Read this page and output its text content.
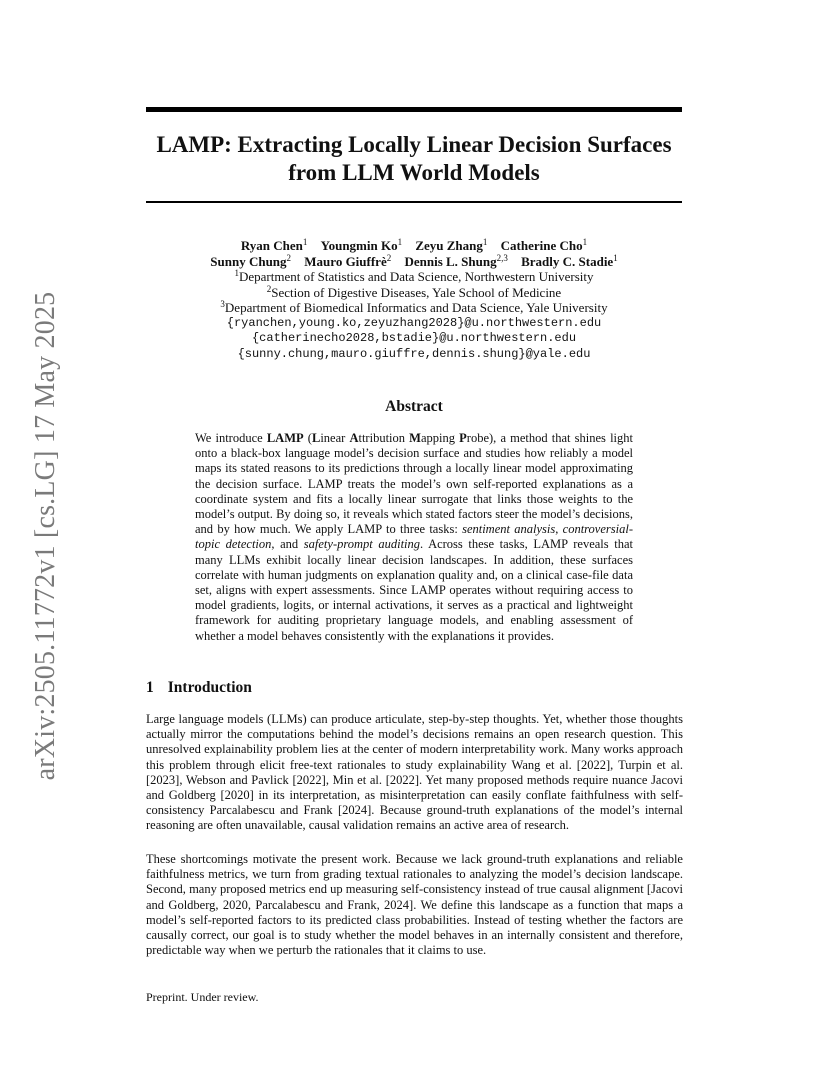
arXiv:2505.11772v1 [cs.LG] 17 May 2025
LAMP: Extracting Locally Linear Decision Surfaces
from LLM World Models
Ryan Chen$^1$ Youngmin Ko$^1$ Zeyu Zhang$^1$ Catherine Cho$^1$
Sunny Chung$^2$ Mauro Giuffrè$^2$ Dennis L. Shung$^{2,3}$ Bradly C. Stadie$^1$
$^1$Department of Statistics and Data Science, Northwestern University
$^2$Section of Digestive Diseases, Yale School of Medicine
$^3$Department of Biomedical Informatics and Data Science, Yale University
{ryanchen,young.ko,zeyuzhang2028}@u.northwestern.edu
{catherinecho2028,bstadie}@u.northwestern.edu
{sunny.chung,mauro.giuffre,dennis.shung}@yale.edu
Abstract
We introduce LAMP (Linear Attribution Mapping Probe), a method that shines light onto a black-box language model’s decision surface and studies how reliably a model maps its stated reasons to its predictions through a locally linear model approximating the decision surface. LAMP treats the model’s own self-reported explanations as a coordinate system and fits a locally linear surrogate that links those weights to the model’s output. By doing so, it reveals which stated factors steer the model’s decisions, and by how much. We apply LAMP to three tasks: sentiment analysis, controversial-topic detection, and safety-prompt auditing. Across these tasks, LAMP reveals that many LLMs exhibit locally linear decision landscapes. In addition, these surfaces correlate with human judgments on explanation quality and, on a clinical case-file data set, aligns with expert assessments. Since LAMP operates without requiring access to model gradients, logits, or internal activations, it serves as a practical and lightweight framework for auditing proprietary language models, and enabling assessment of whether a model behaves consistently with the explanations it provides.
1 Introduction
Large language models (LLMs) can produce articulate, step-by-step thoughts. Yet, whether those thoughts actually mirror the computations behind the model’s decisions remains an open research question. This unresolved explainability problem lies at the center of modern interpretability work. Many works approach this problem through elicit free-text rationales to study explainability Wang et al. [2022], Turpin et al. [2023], Webson and Pavlick [2022], Min et al. [2022]. Yet many proposed methods require nuance Jacovi and Goldberg [2020] in its interpretation, as misinterpretation can easily conflate faithfulness with self-consistency Parcalabescu and Frank [2024]. Because ground-truth explanations of the model’s internal reasoning are often unavailable, causal validation remains an active area of research.
These shortcomings motivate the present work. Because we lack ground-truth explanations and reliable faithfulness metrics, we turn from grading textual rationales to analyzing the model’s decision landscape. Second, many proposed metrics end up measuring self-consistency instead of true causal alignment [Jacovi and Goldberg, 2020, Parcalabescu and Frank, 2024]. We define this landscape as a function that maps a model’s self-reported factors to its predicted class probabilities. Instead of testing whether the factors are causally correct, our goal is to study whether the model behaves in an internally consistent and therefore, predictable way when we perturb the rationales that it claims to use.
Preprint. Under review.
